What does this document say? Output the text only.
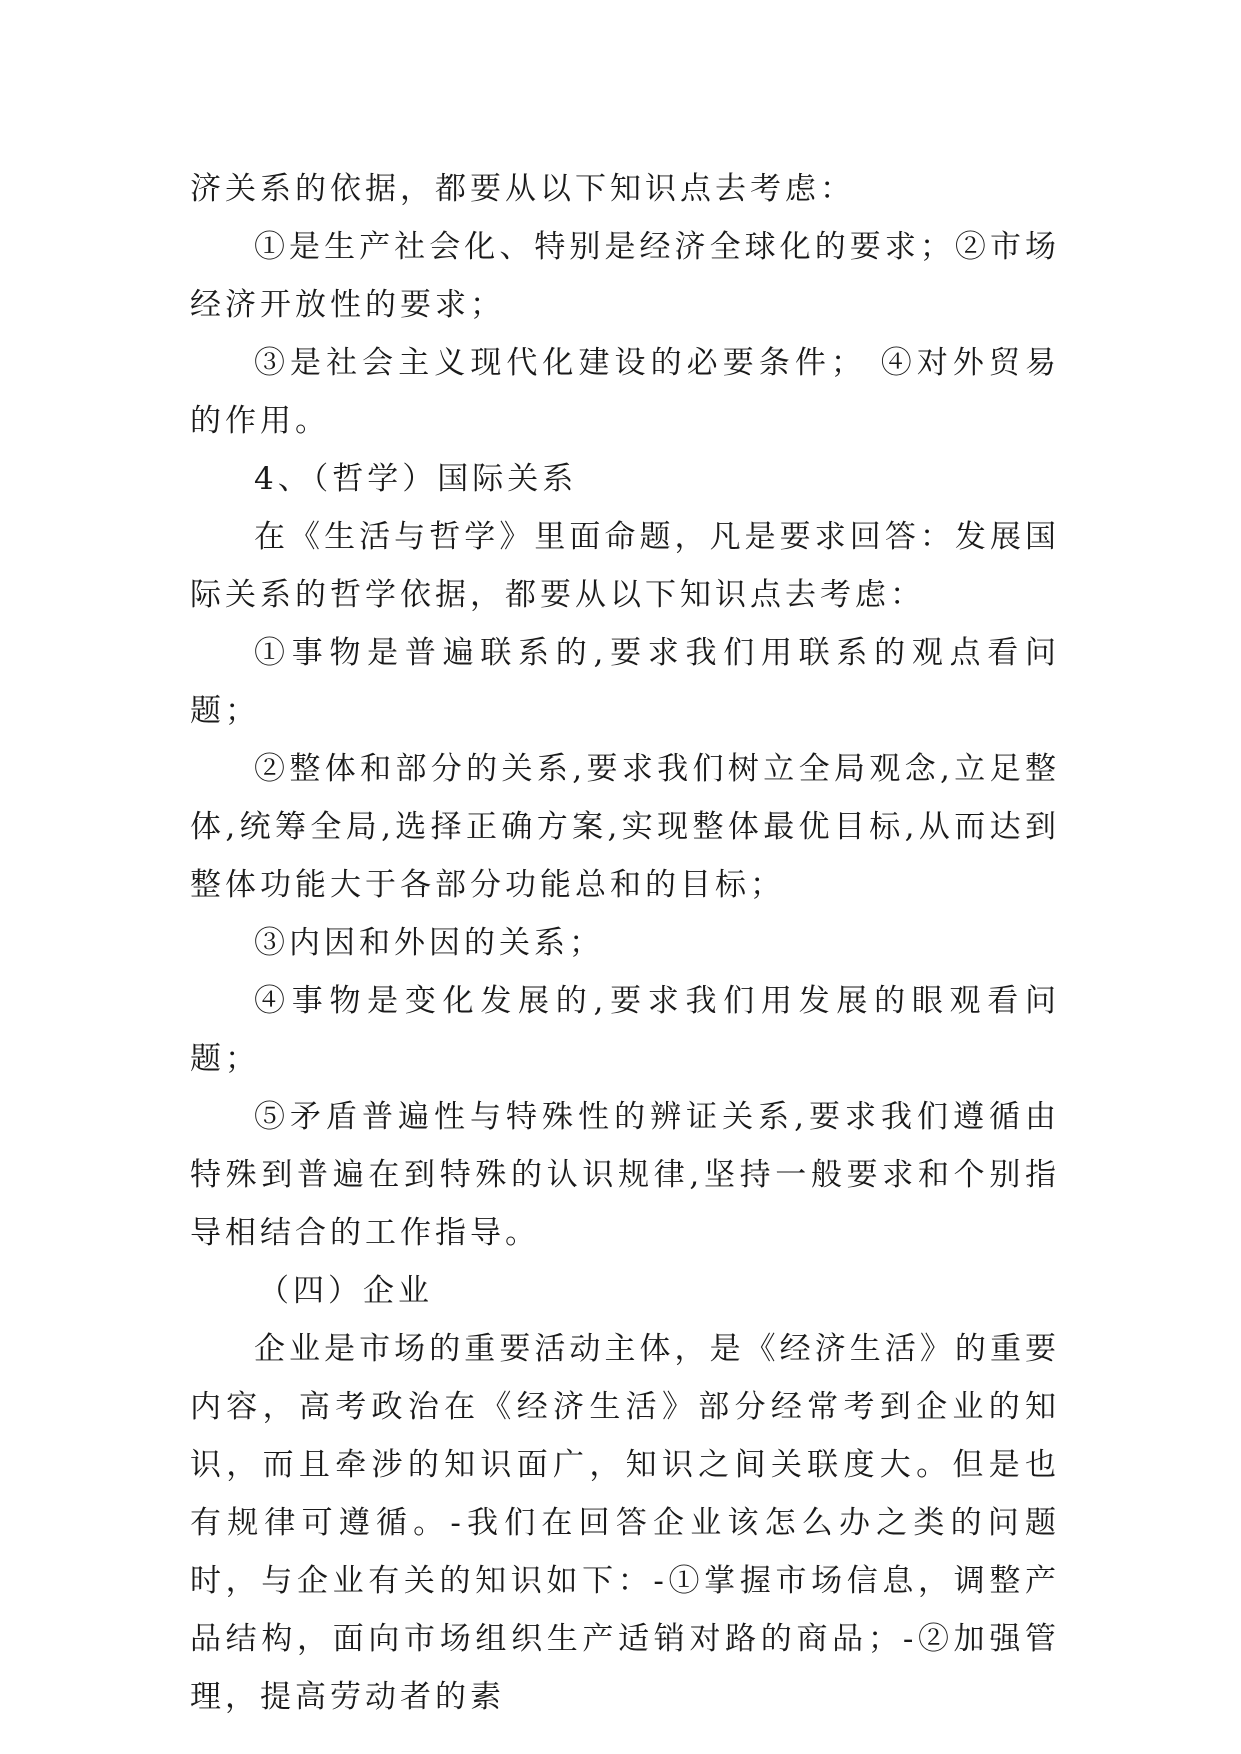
济关系的依据，都要从以下知识点去考虑：

①是生产社会化、特别是经济全球化的要求；②市场经济开放性的要求；

③是社会主义现代化建设的必要条件； ④对外贸易的作用。

4、（哲学）国际关系

在《生活与哲学》里面命题，凡是要求回答：发展国际关系的哲学依据，都要从以下知识点去考虑：

①事物是普遍联系的,要求我们用联系的观点看问题；

②整体和部分的关系,要求我们树立全局观念,立足整体,统筹全局,选择正确方案,实现整体最优目标,从而达到整体功能大于各部分功能总和的目标；

③内因和外因的关系；

④事物是变化发展的,要求我们用发展的眼观看问题；

⑤矛盾普遍性与特殊性的辨证关系,要求我们遵循由特殊到普遍在到特殊的认识规律,坚持一般要求和个别指导相结合的工作指导。

（四）企业

企业是市场的重要活动主体，是《经济生活》的重要内容，高考政治在《经济生活》部分经常考到企业的知识，而且牵涉的知识面广，知识之间关联度大。但是也有规律可遵循。-我们在回答企业该怎么办之类的问题时，与企业有关的知识如下：-①掌握市场信息，调整产品结构，面向市场组织生产适销对路的商品；-②加强管理，提高劳动者的素
